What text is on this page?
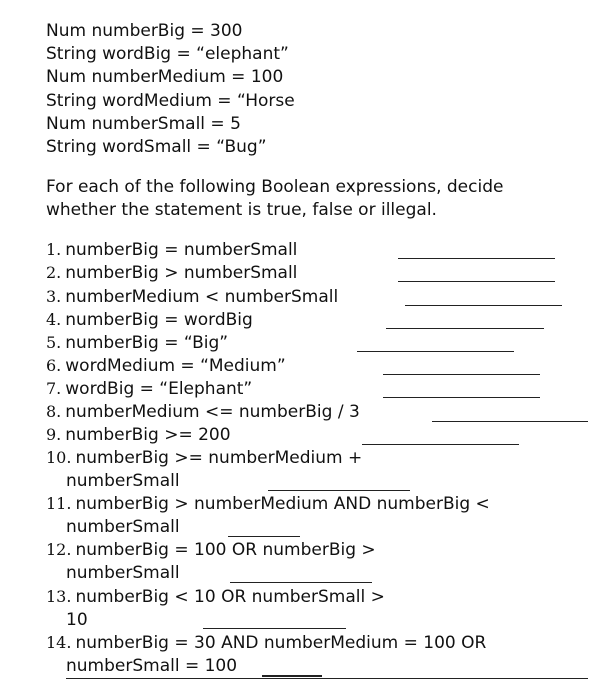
Num numberBig = 300
String wordBig = “elephant”
Num numberMedium = 100
String wordMedium = “Horse
Num numberSmall = 5
String wordSmall = “Bug”
For each of the following Boolean expressions, decide
whether the statement is true, false or illegal.
1. numberBig = numberSmall
2. numberBig > numberSmall
3. numberMedium < numberSmall
4. numberBig = wordBig
5. numberBig = “Big”
6. wordMedium = “Medium”
7. wordBig = “Elephant”
8. numberMedium <= numberBig / 3
9. numberBig >= 200
10. numberBig >= numberMedium +
numberSmall
11. numberBig > numberMedium AND numberBig <
numberSmall
12. numberBig = 100 OR numberBig >
numberSmall
13. numberBig < 10 OR numberSmall >
10
14. numberBig = 30 AND numberMedium = 100 OR
numberSmall = 100
